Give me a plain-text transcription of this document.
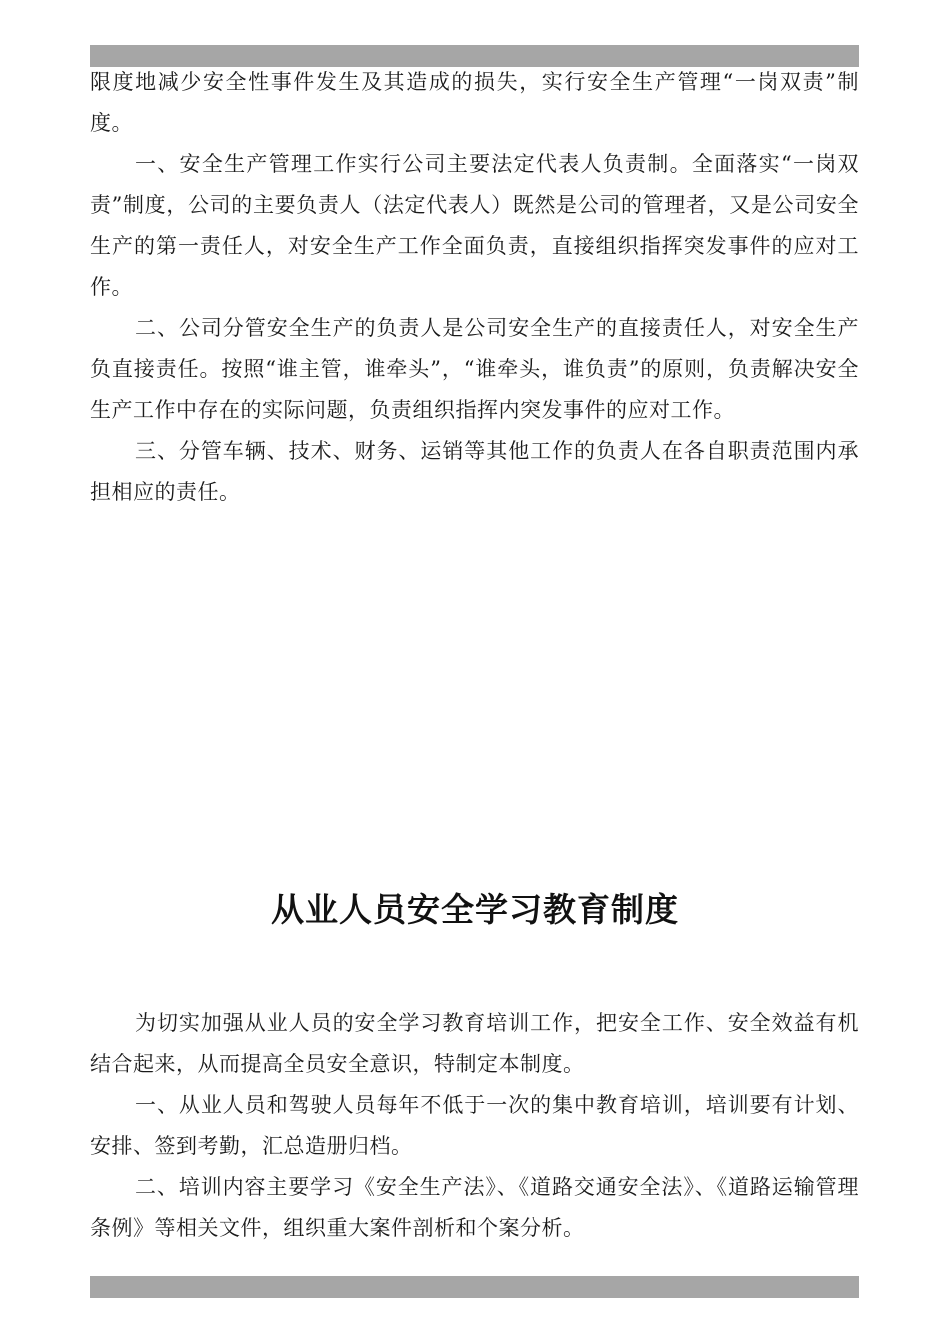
限度地减少安全性事件发生及其造成的损失，实行安全生产管理“一岗双责”制度。

一、安全生产管理工作实行公司主要法定代表人负责制。全面落实“一岗双责”制度，公司的主要负责人（法定代表人）既然是公司的管理者，又是公司安全生产的第一责任人，对安全生产工作全面负责，直接组织指挥突发事件的应对工作。

二、公司分管安全生产的负责人是公司安全生产的直接责任人，对安全生产负直接责任。按照“谁主管，谁牵头”，“谁牵头，谁负责”的原则，负责解决安全生产工作中存在的实际问题，负责组织指挥内突发事件的应对工作。

三、分管车辆、技术、财务、运销等其他工作的负责人在各自职责范围内承担相应的责任。

从业人员安全学习教育制度

为切实加强从业人员的安全学习教育培训工作，把安全工作、安全效益有机结合起来，从而提高全员安全意识，特制定本制度。

一、从业人员和驾驶人员每年不低于一次的集中教育培训，培训要有计划、安排、签到考勤，汇总造册归档。

二、培训内容主要学习《安全生产法》、《道路交通安全法》、《道路运输管理条例》等相关文件，组织重大案件剖析和个案分析。
